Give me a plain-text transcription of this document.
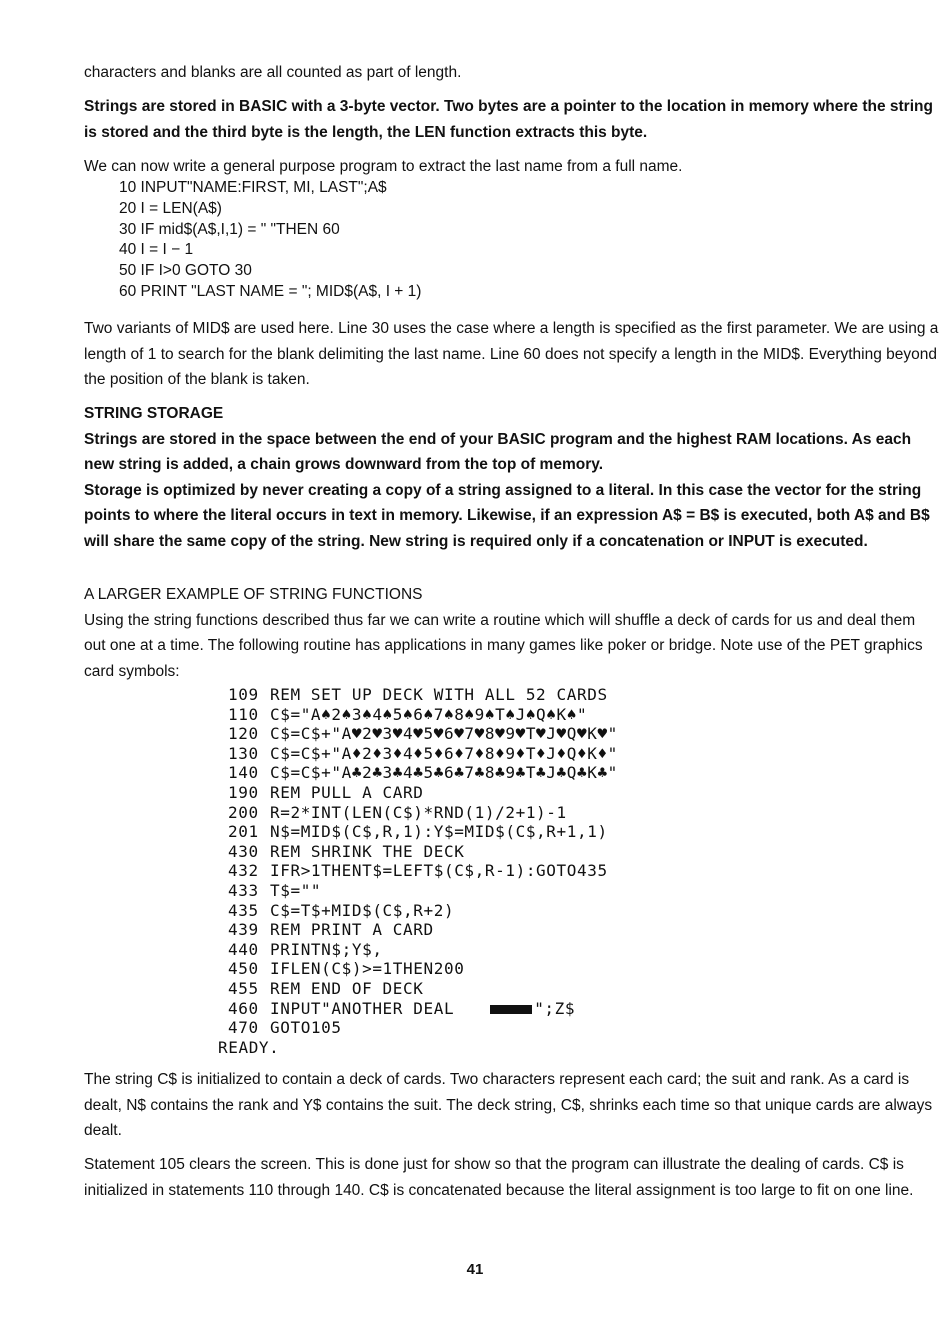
characters and blanks are all counted as part of length.

Strings are stored in BASIC with a 3-byte vector. Two bytes are a pointer to the location in memory where the string is stored and the third byte is the length, the LEN function extracts this byte.

We can now write a general purpose program to extract the last name from a full name.

10 INPUT"NAME:FIRST, MI, LAST";A$
20 I = LEN(A$)
30 IF mid$(A$,I,1) = " "THEN 60
40 I = I − 1
50 IF I>0 GOTO 30
60 PRINT "LAST NAME = "; MID$(A$, I + 1)

Two variants of MID$ are used here. Line 30 uses the case where a length is specified as the first parameter. We are using a length of 1 to search for the blank delimiting the last name. Line 60 does not specify a length in the MID$. Everything beyond the position of the blank is taken.

STRING STORAGE

Strings are stored in the space between the end of your BASIC program and the highest RAM locations. As each new string is added, a chain grows downward from the top of memory.

Storage is optimized by never creating a copy of a string assigned to a literal. In this case the vector for the string points to where the literal occurs in text in memory. Likewise, if an expression A$ = B$ is executed, both A$ and B$ will share the same copy of the string. New string is required only if a concatenation or INPUT is executed.

A LARGER EXAMPLE OF STRING FUNCTIONS

Using the string functions described thus far we can write a routine which will shuffle a deck of cards for us and deal them out one at a time. The following routine has applications in many games like poker or bridge. Note use of the PET graphics card symbols:

109 REM SET UP DECK WITH ALL 52 CARDS
110 C$="A♠2♠3♠4♠5♠6♠7♠8♠9♠T♠J♠Q♠K♠"
120 C$=C$+"A♥2♥3♥4♥5♥6♥7♥8♥9♥T♥J♥Q♥K♥"
130 C$=C$+"A♦2♦3♦4♦5♦6♦7♦8♦9♦T♦J♦Q♦K♦"
140 C$=C$+"A♣2♣3♣4♣5♣6♣7♣8♣9♣T♣J♣Q♣K♣"
190 REM PULL A CARD
200 R=2*INT(LEN(C$)*RND(1)/2+1)-1
201 N$=MID$(C$,R,1):Y$=MID$(C$,R+1,1)
430 REM SHRINK THE DECK
432 IFR>1THENT$=LEFT$(C$,R-1):GOTO435
433 T$=""
435 C$=T$+MID$(C$,R+2)
439 REM PRINT A CARD
440 PRINTN$;Y$,
450 IFLEN(C$)>=1THEN200
455 REM END OF DECK
460 INPUT"ANOTHER DEAL	";Z$
470 GOTO105
READY.

The string C$ is initialized to contain a deck of cards. Two characters represent each card; the suit and rank. As a card is dealt, N$ contains the rank and Y$ contains the suit. The deck string, C$, shrinks each time so that unique cards are always dealt.

Statement 105 clears the screen. This is done just for show so that the program can illustrate the dealing of cards. C$ is initialized in statements 110 through 140. C$ is concatenated because the literal assignment is too large to fit on one line.

41
